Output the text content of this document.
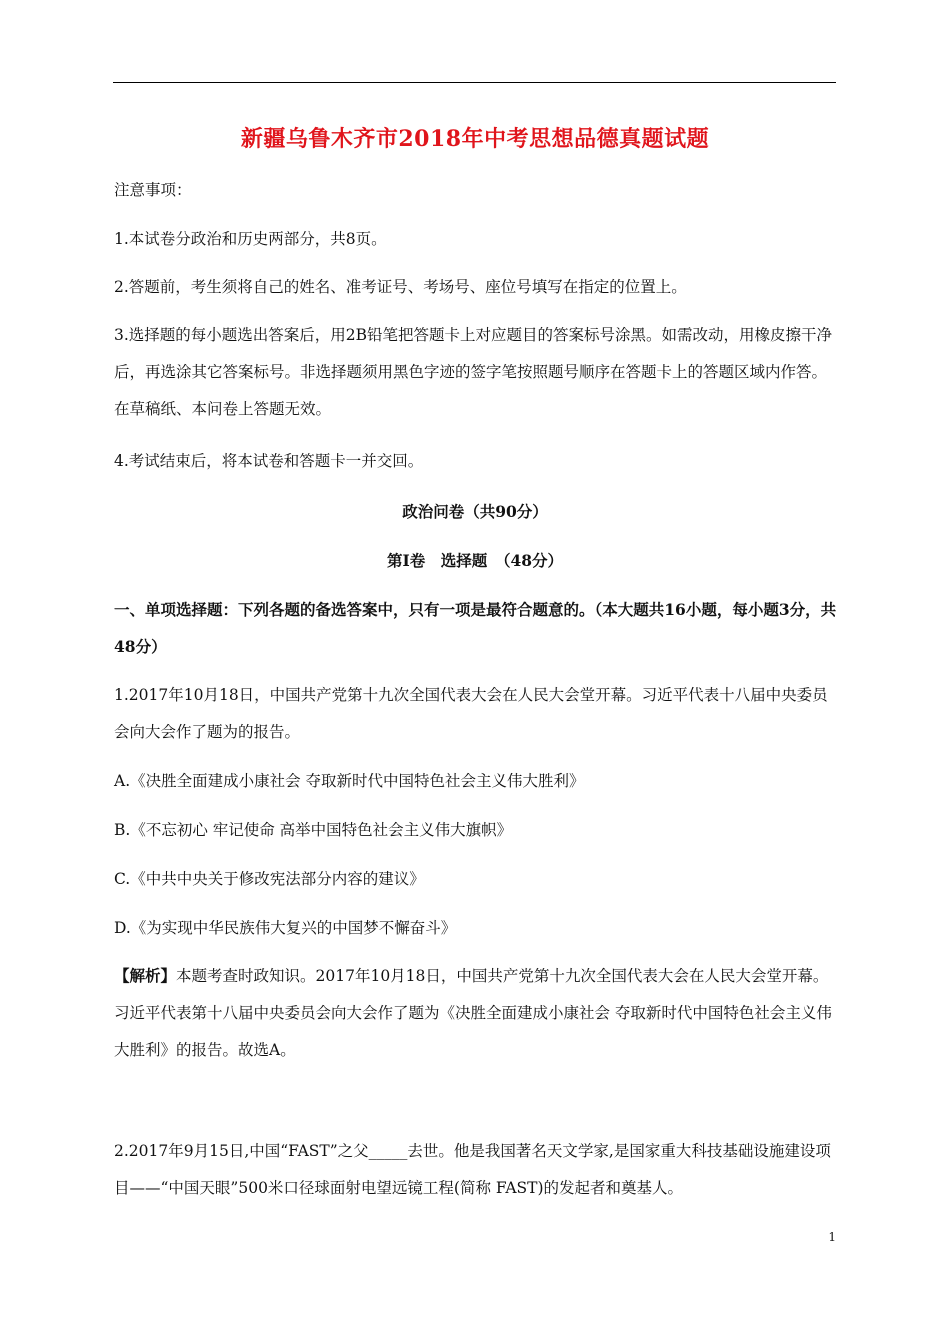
新疆乌鲁木齐市2018年中考思想品德真题试题
注意事项：
1.本试卷分政治和历史两部分，共8页。
2.答题前，考生须将自己的姓名、准考证号、考场号、座位号填写在指定的位置上。
3.选择题的每小题选出答案后，用2B铅笔把答题卡上对应题目的答案标号涂黑。如需改动，用橡皮擦干净后，再选涂其它答案标号。非选择题须用黑色字迹的签字笔按照题号顺序在答题卡上的答题区域内作答。在草稿纸、本问卷上答题无效。
4.考试结束后，将本试卷和答题卡一并交回。
政治问卷（共90分）
第Ⅰ卷　选择题　（48分）
一、单项选择题：下列各题的备选答案中，只有一项是最符合题意的。（本大题共16小题，每小题3分，共48分）
1.2017年10月18日，中国共产党第十九次全国代表大会在人民大会堂开幕。习近平代表十八届中央委员会向大会作了题为的报告。
A.《决胜全面建成小康社会 夺取新时代中国特色社会主义伟大胜利》
B.《不忘初心 牢记使命 高举中国特色社会主义伟大旗帜》
C.《中共中央关于修改宪法部分内容的建议》
D.《为实现中华民族伟大复兴的中国梦不懈奋斗》
【解析】本题考查时政知识。2017年10月18日，中国共产党第十九次全国代表大会在人民大会堂开幕。习近平代表第十八届中央委员会向大会作了题为《决胜全面建成小康社会 夺取新时代中国特色社会主义伟大胜利》的报告。故选A。
2.2017年9月15日,中国“FAST”之父_____去世。他是我国著名天文学家,是国家重大科技基础设施建设项目——“中国天眼”500米口径球面射电望远镜工程(简称 FAST)的发起者和奠基人。
1
